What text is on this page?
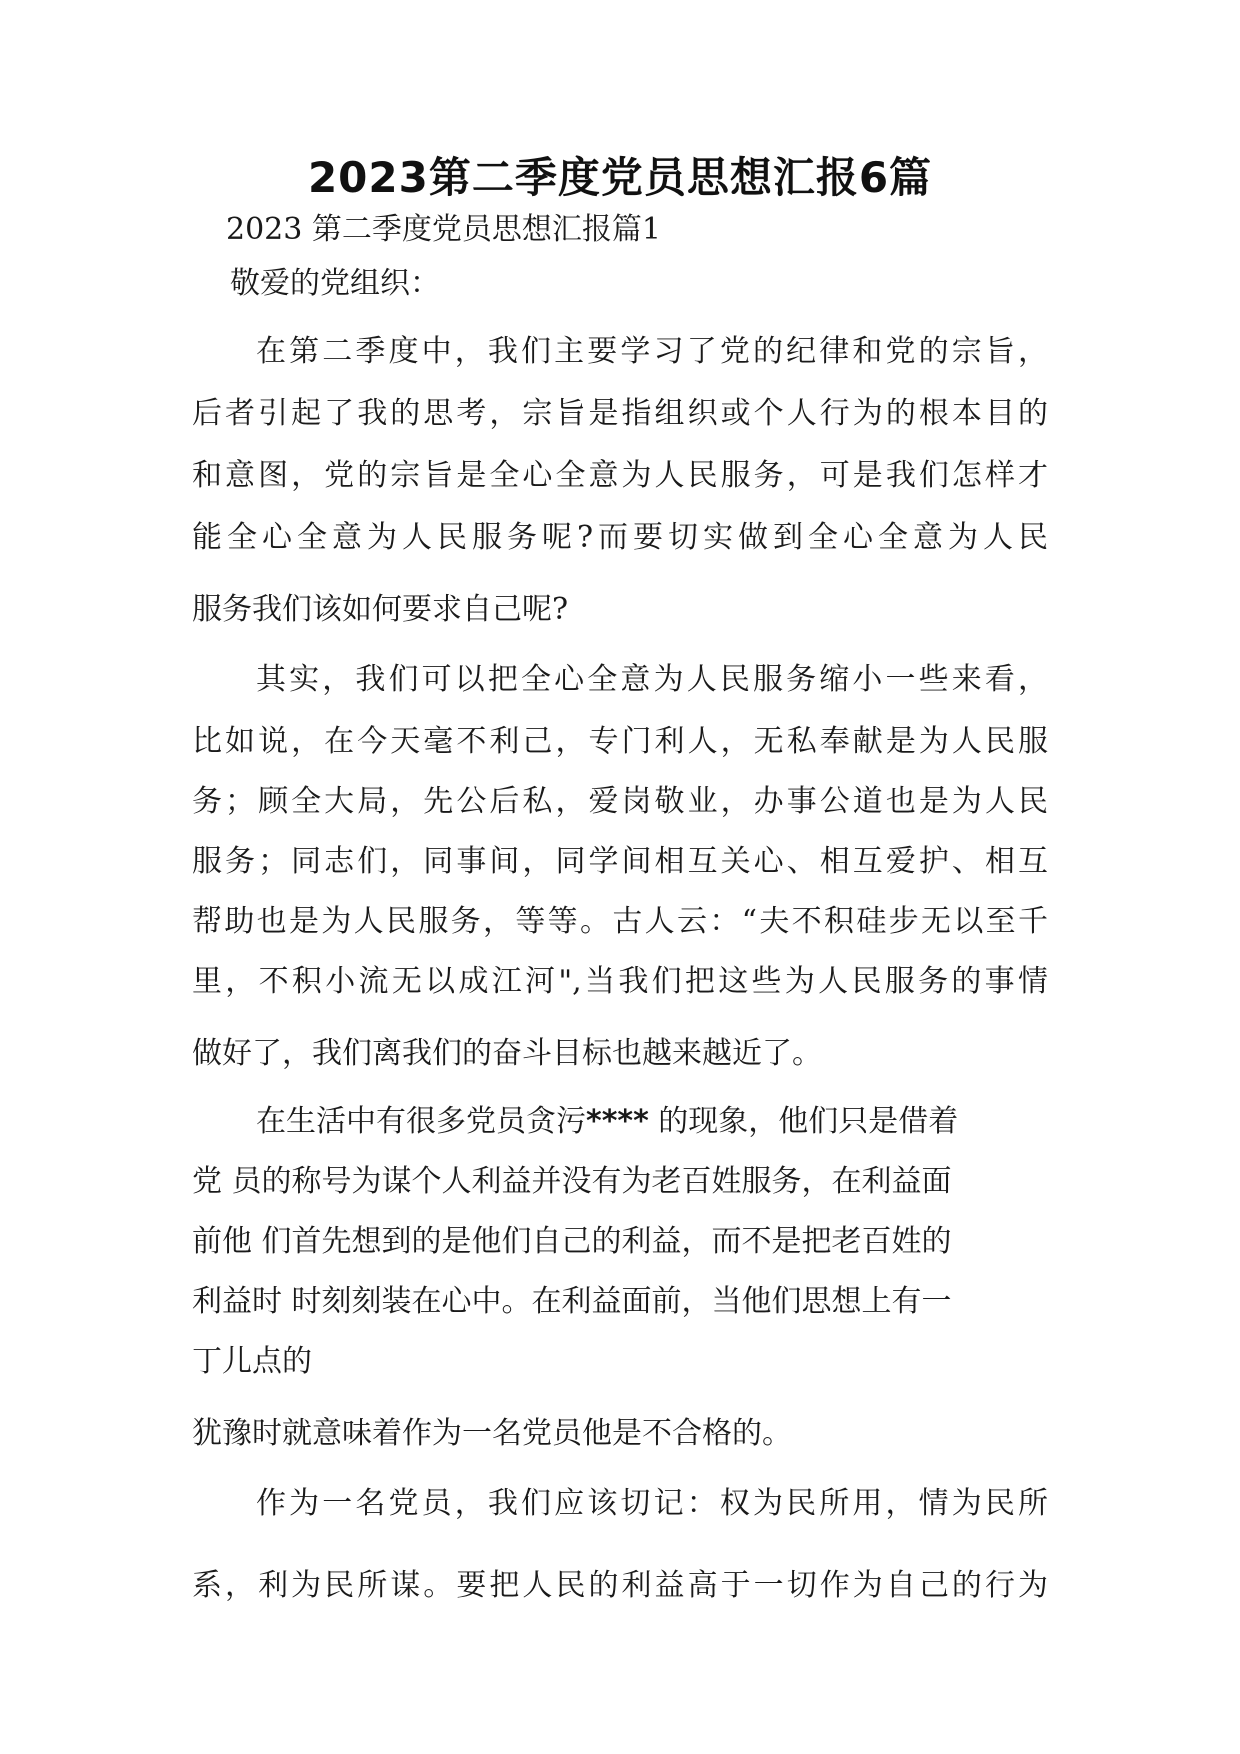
2023第二季度党员思想汇报6篇

2023 第二季度党员思想汇报篇1

敬爱的党组织：

在第二季度中，我们主要学习了党的纪律和党的宗旨，

后者引起了我的思考，宗旨是指组织或个人行为的根本目的

和意图，党的宗旨是全心全意为人民服务，可是我们怎样才

能全心全意为人民服务呢?而要切实做到全心全意为人民

服务我们该如何要求自己呢?

其实，我们可以把全心全意为人民服务缩小一些来看，

比如说，在今天毫不利己，专门利人，无私奉献是为人民服

务；顾全大局，先公后私，爱岗敬业，办事公道也是为人民

服务；同志们，同事间，同学间相互关心、相互爱护、相互

帮助也是为人民服务，等等。古人云：“夫不积硅步无以至千

里，不积小流无以成江河",当我们把这些为人民服务的事情

做好了，我们离我们的奋斗目标也越来越近了。

在生活中有很多党员贪污**** 的现象，他们只是借着

党 员的称号为谋个人利益并没有为老百姓服务，在利益面

前他 们首先想到的是他们自己的利益，而不是把老百姓的

利益时 时刻刻装在心中。在利益面前，当他们思想上有一

丁儿点的

犹豫时就意味着作为一名党员他是不合格的。

作为一名党员，我们应该切记：权为民所用，情为民所

系，利为民所谋。要把人民的利益高于一切作为自己的行为
